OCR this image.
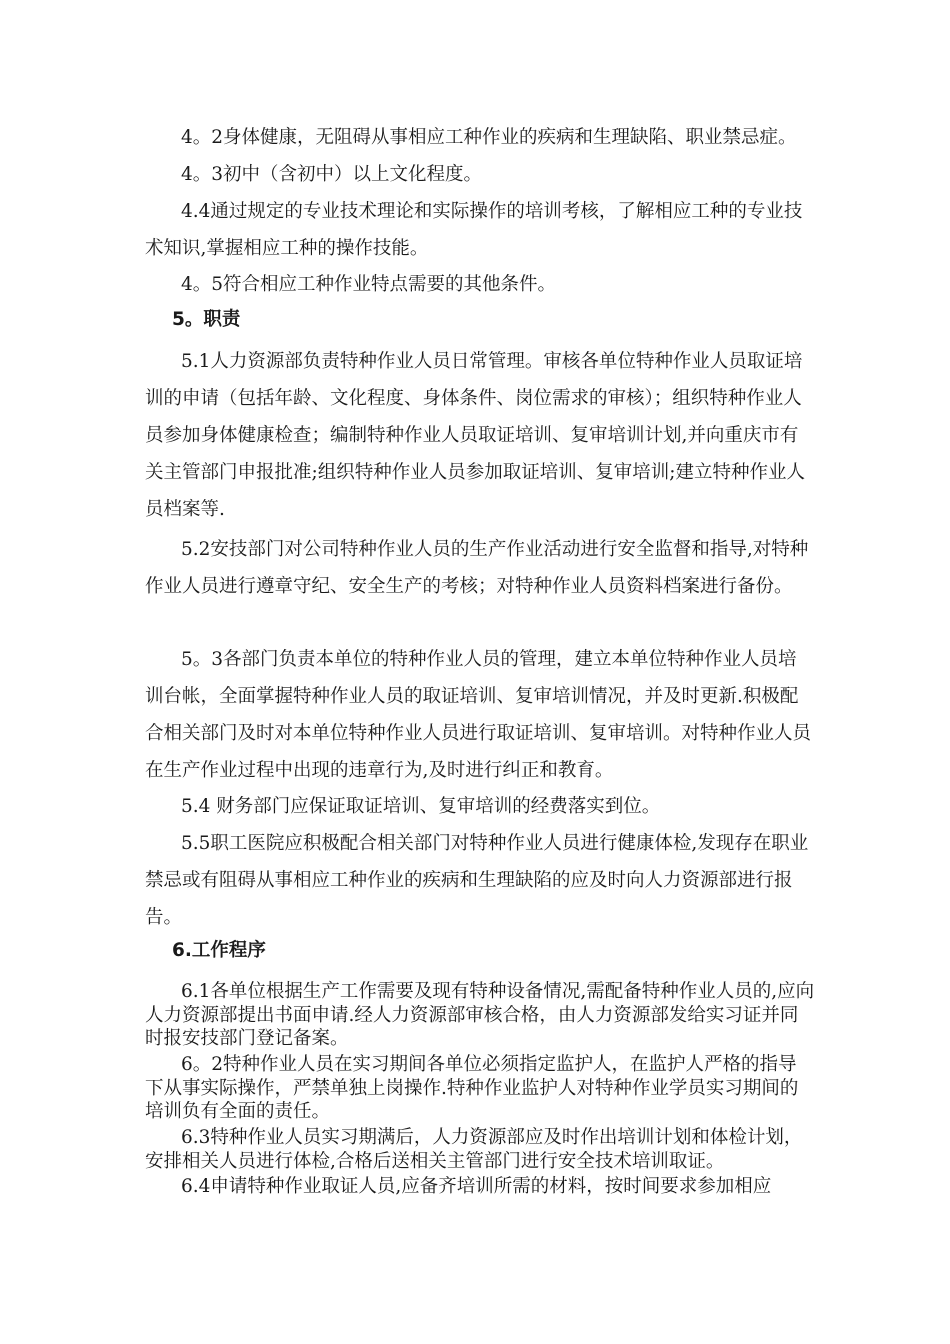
4。2身体健康，无阻碍从事相应工种作业的疾病和生理缺陷、职业禁忌症。

4。3初中（含初中）以上文化程度。

4.4通过规定的专业技术理论和实际操作的培训考核，了解相应工种的专业技术知识,掌握相应工种的操作技能。

4。5符合相应工种作业特点需要的其他条件。

5。职责

5.1人力资源部负责特种作业人员日常管理。审核各单位特种作业人员取证培训的申请（包括年龄、文化程度、身体条件、岗位需求的审核）；组织特种作业人员参加身体健康检查；编制特种作业人员取证培训、复审培训计划,并向重庆市有关主管部门申报批准;组织特种作业人员参加取证培训、复审培训;建立特种作业人员档案等.

5.2安技部门对公司特种作业人员的生产作业活动进行安全监督和指导,对特种作业人员进行遵章守纪、安全生产的考核；对特种作业人员资料档案进行备份。

5。3各部门负责本单位的特种作业人员的管理，建立本单位特种作业人员培训台帐，全面掌握特种作业人员的取证培训、复审培训情况，并及时更新.积极配合相关部门及时对本单位特种作业人员进行取证培训、复审培训。对特种作业人员在生产作业过程中出现的违章行为,及时进行纠正和教育。

5.4 财务部门应保证取证培训、复审培训的经费落实到位。

5.5职工医院应积极配合相关部门对特种作业人员进行健康体检,发现存在职业禁忌或有阻碍从事相应工种作业的疾病和生理缺陷的应及时向人力资源部进行报告。

6.工作程序

6.1各单位根据生产工作需要及现有特种设备情况,需配备特种作业人员的,应向人力资源部提出书面申请.经人力资源部审核合格，由人力资源部发给实习证并同时报安技部门登记备案。

6。2特种作业人员在实习期间各单位必须指定监护人，在监护人严格的指导下从事实际操作，严禁单独上岗操作.特种作业监护人对特种作业学员实习期间的培训负有全面的责任。

6.3特种作业人员实习期满后，人力资源部应及时作出培训计划和体检计划，安排相关人员进行体检,合格后送相关主管部门进行安全技术培训取证。

6.4申请特种作业取证人员,应备齐培训所需的材料，按时间要求参加相应
